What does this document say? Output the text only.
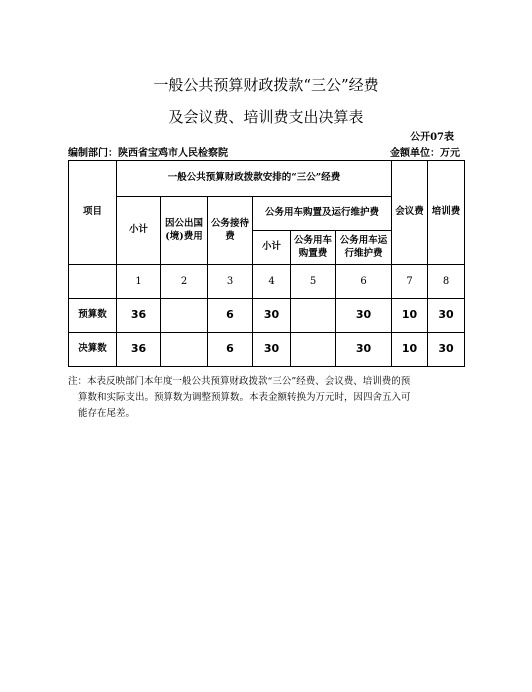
一般公共预算财政拨款“三公”经费
及会议费、培训费支出决算表
公开07表
编制部门：陕西省宝鸡市人民检察院	金额单位：万元
项目	一般公共预算财政拨款安排的“三公”经费						会议费	培训费
	小计	因公出国(境)费用	公务接待费	公务用车购置及运行维护费				
				小计	公务用车购置费	公务用车运行维护费		
	1	2	3	4	5	6	7	8
预算数	36		6	30		30	10	30
决算数	36		6	30		30	10	30
注：本表反映部门本年度一般公共预算财政拨款“三公”经费、会议费、培训费的预
算数和实际支出。预算数为调整预算数。本表金额转换为万元时，因四舍五入可
能存在尾差。
